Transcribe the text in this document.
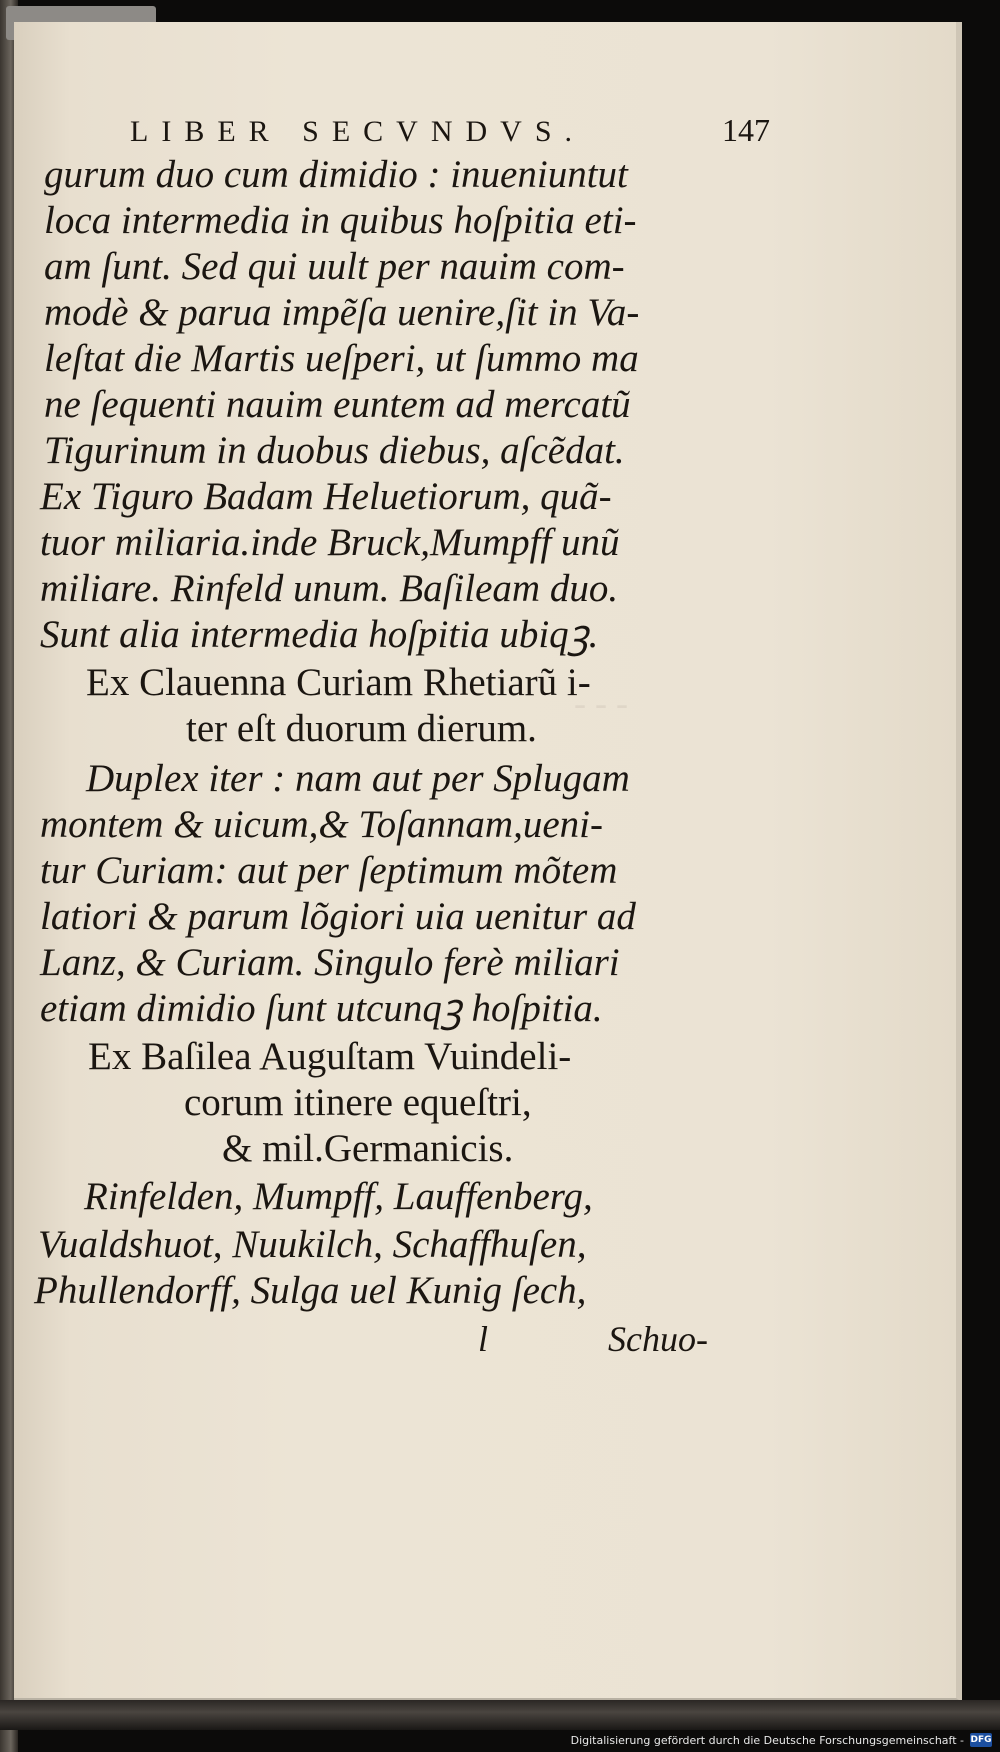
- - -
LIBER SECVNDVS.	147
gurum duo cum dimidio : inueniuntut
loca intermedia in quibus hoſpitia eti-
am ſunt. Sed qui uult per nauim com-
modè & parua impẽſa uenire,ſit in Va-
leſtat die Martis ueſperi, ut ſummo ma
ne ſequenti nauim euntem ad mercatũ
Tigurinum in duobus diebus, aſcẽdat.
Ex Tiguro Badam Heluetiorum, quã-
tuor miliaria.inde Bruck,Mumpff unũ
miliare. Rinfeld unum. Baſileam duo.
Sunt alia intermedia hoſpitia ubiqꝫ.
Ex Clauenna Curiam Rhetiarũ i-
ter eſt duorum dierum.
Duplex iter : nam aut per Splugam
montem & uicum,& Toſannam,ueni-
tur Curiam: aut per ſeptimum mõtem
latiori & parum lõgiori uia uenitur ad
Lanz, & Curiam. Singulo ferè miliari
etiam dimidio ſunt utcunqꝫ hoſpitia.
Ex Baſilea Auguſtam Vuindeli-
corum itinere equeſtri,
& mil.Germanicis.
Rinfelden, Mumpff, Lauffenberg,
Vualdshuot, Nuukilch, Schaffhuſen,
Phullendorff, Sulga uel Kunig ſech,
l	Schuo-
Digitalisierung gefördert durch die Deutsche Forschungsgemeinschaft - DFG
